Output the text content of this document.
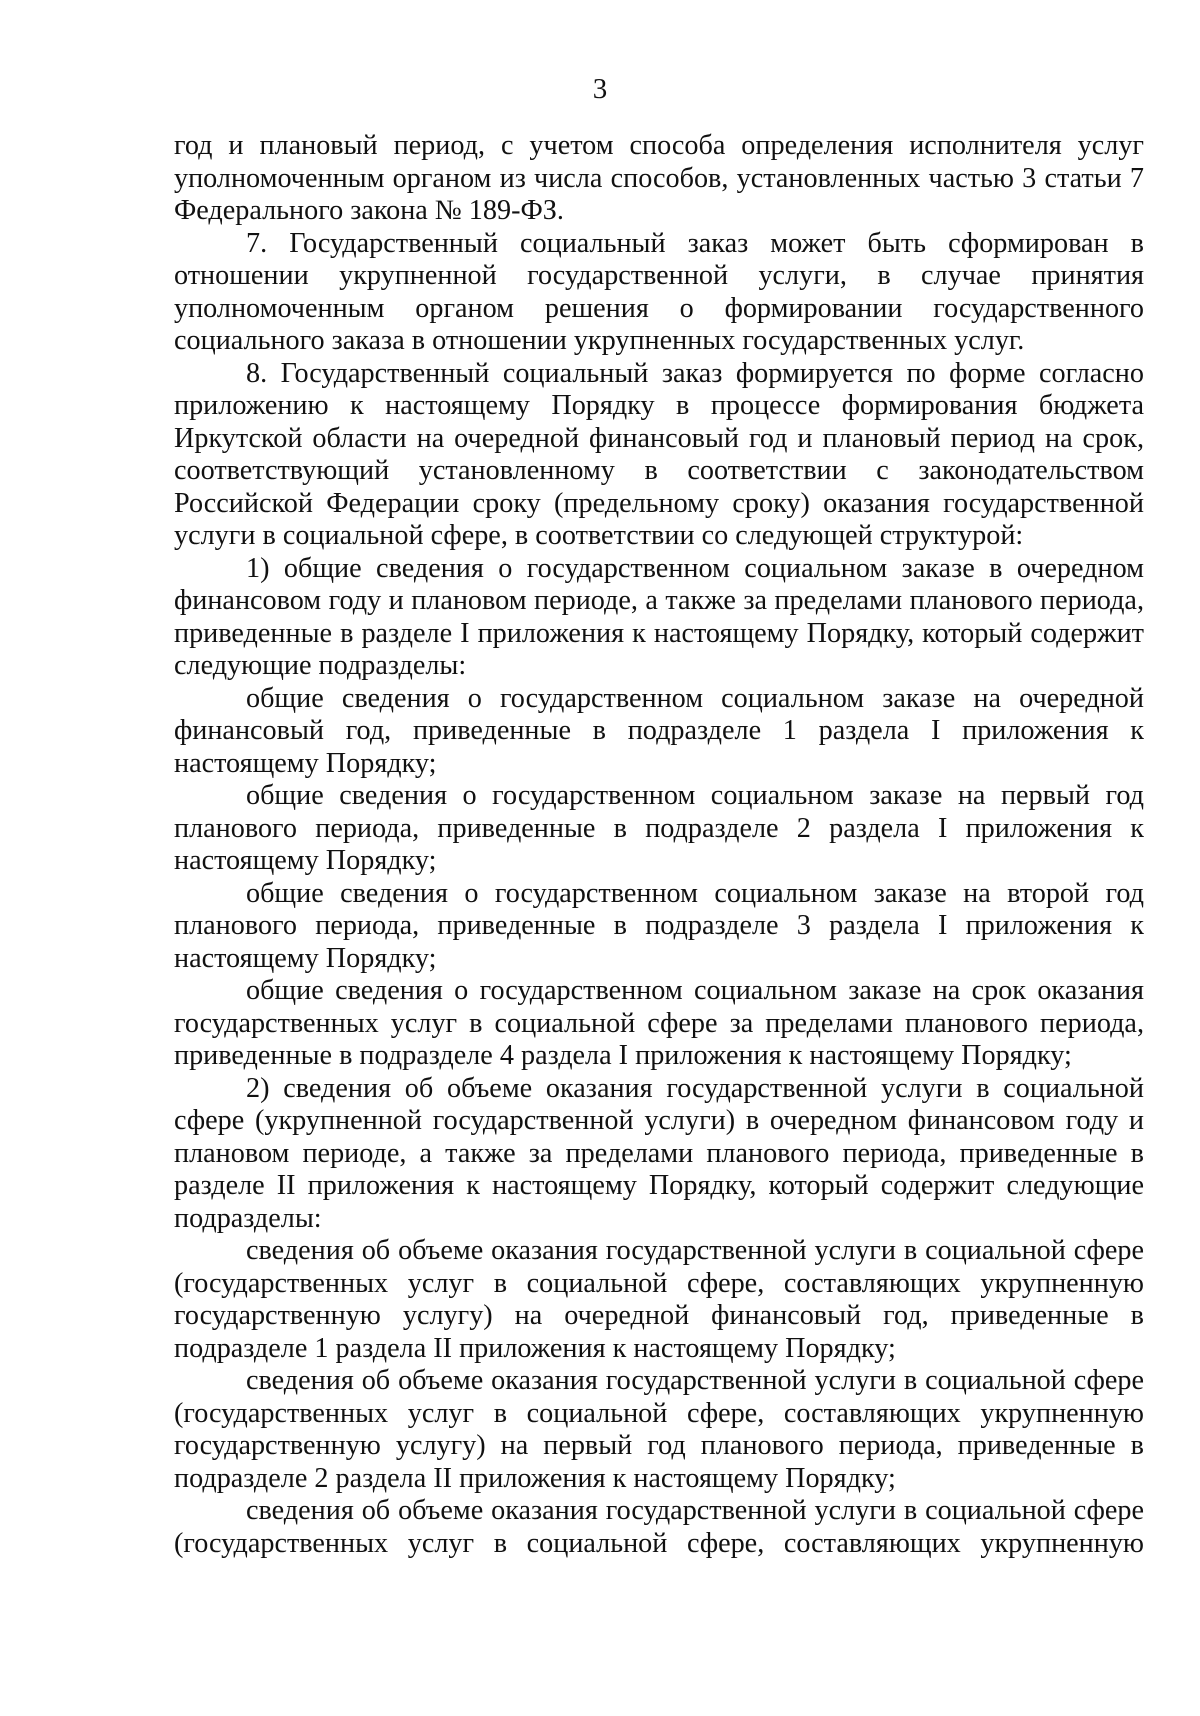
3

год и плановый период, с учетом способа определения исполнителя услуг уполномоченным органом из числа способов, установленных частью 3 статьи 7 Федерального закона № 189-ФЗ.

7. Государственный социальный заказ может быть сформирован в отношении укрупненной государственной услуги, в случае принятия уполномоченным органом решения о формировании государственного социального заказа в отношении укрупненных государственных услуг.

8. Государственный социальный заказ формируется по форме согласно приложению к настоящему Порядку в процессе формирования бюджета Иркутской области на очередной финансовый год и плановый период на срок, соответствующий установленному в соответствии с законодательством Российской Федерации сроку (предельному сроку) оказания государственной услуги в социальной сфере, в соответствии со следующей структурой:

1) общие сведения о государственном социальном заказе в очередном финансовом году и плановом периоде, а также за пределами планового периода, приведенные в разделе I приложения к настоящему Порядку, который содержит следующие подразделы:

общие сведения о государственном социальном заказе на очередной финансовый год, приведенные в подразделе 1 раздела I приложения к настоящему Порядку;

общие сведения о государственном социальном заказе на первый год планового периода, приведенные в подразделе 2 раздела I приложения к настоящему Порядку;

общие сведения о государственном социальном заказе на второй год планового периода, приведенные в подразделе 3 раздела I приложения к настоящему Порядку;

общие сведения о государственном социальном заказе на срок оказания государственных услуг в социальной сфере за пределами планового периода, приведенные в подразделе 4 раздела I приложения к настоящему Порядку;

2) сведения об объеме оказания государственной услуги в социальной сфере (укрупненной государственной услуги) в очередном финансовом году и плановом периоде, а также за пределами планового периода, приведенные в разделе II приложения к настоящему Порядку, который содержит следующие подразделы:

сведения об объеме оказания государственной услуги в социальной сфере (государственных услуг в социальной сфере, составляющих укрупненную государственную услугу) на очередной финансовый год, приведенные в подразделе 1 раздела II приложения к настоящему Порядку;

сведения об объеме оказания государственной услуги в социальной сфере (государственных услуг в социальной сфере, составляющих укрупненную государственную услугу) на первый год планового периода, приведенные в подразделе 2 раздела II приложения к настоящему Порядку;

сведения об объеме оказания государственной услуги в социальной сфере (государственных услуг в социальной сфере, составляющих укрупненную
